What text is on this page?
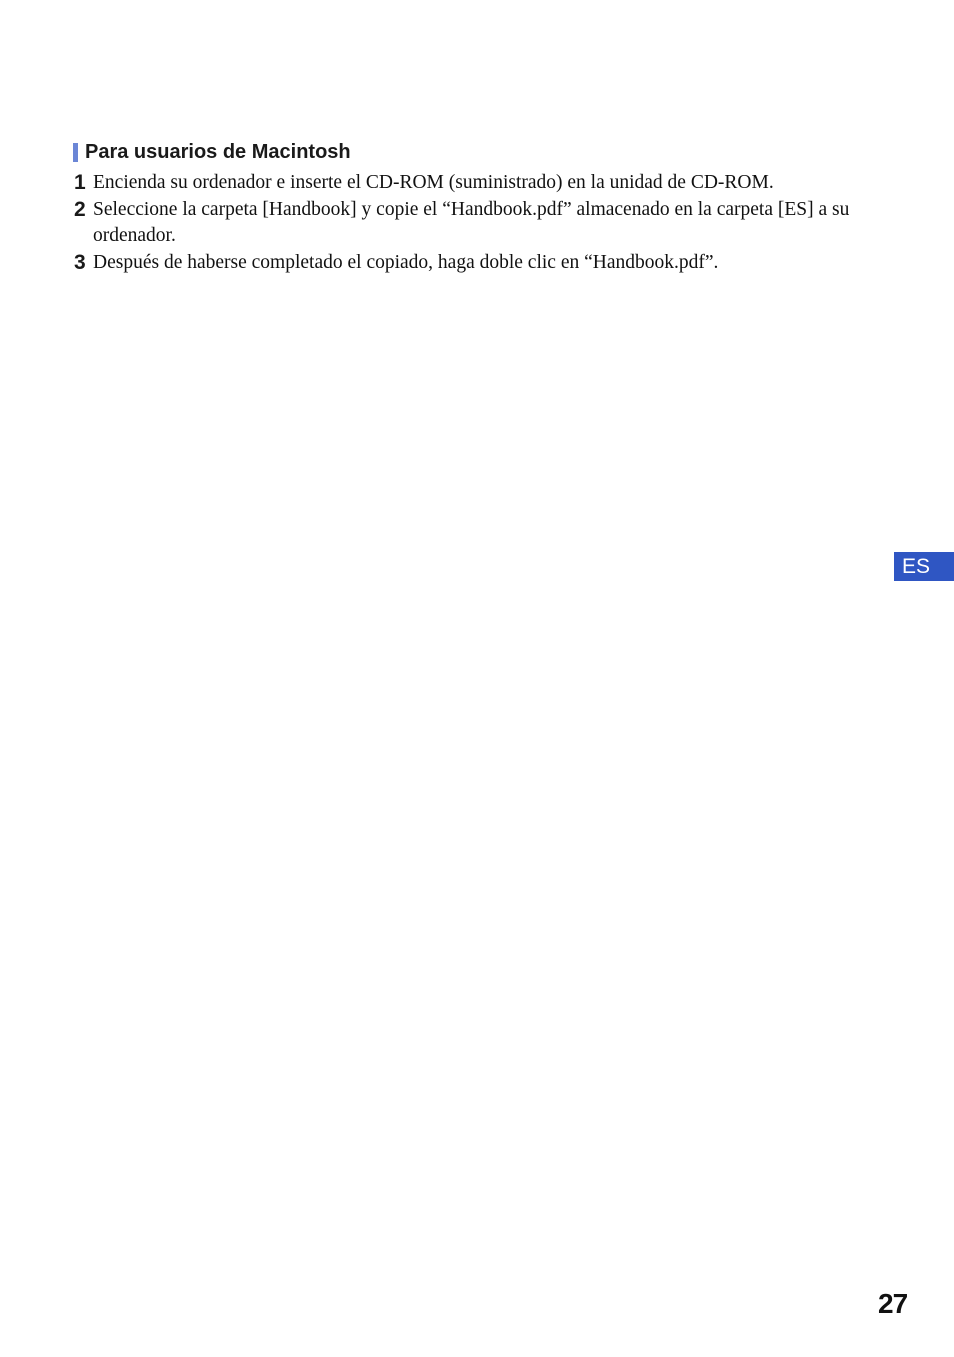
Para usuarios de Macintosh
1 Encienda su ordenador e inserte el CD-ROM (suministrado) en la unidad de CD-ROM.
2 Seleccione la carpeta [Handbook] y copie el “Handbook.pdf” almacenado en la carpeta [ES] a su ordenador.
3 Después de haberse completado el copiado, haga doble clic en “Handbook.pdf”.
ES
27
